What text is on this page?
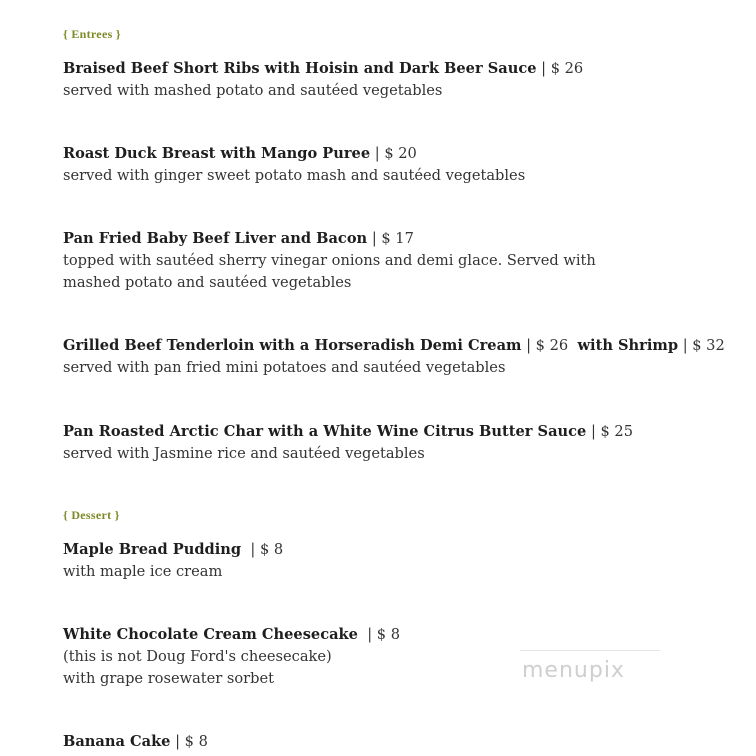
{ Entrees }
Braised Beef Short Ribs with Hoisin and Dark Beer Sauce | $ 26
served with mashed potato and sautéed vegetables
Roast Duck Breast with Mango Puree | $ 20
served with ginger sweet potato mash and sautéed vegetables
Pan Fried Baby Beef Liver and Bacon | $ 17
topped with sautéed sherry vinegar onions and demi glace. Served with
mashed potato and sautéed vegetables
Grilled Beef Tenderloin with a Horseradish Demi Cream | $ 26 with Shrimp | $ 32
served with pan fried mini potatoes and sautéed vegetables
Pan Roasted Arctic Char with a White Wine Citrus Butter Sauce | $ 25
served with Jasmine rice and sautéed vegetables
{ Dessert }
Maple Bread Pudding | $ 8
with maple ice cream
White Chocolate Cream Cheesecake | $ 8
(this is not Doug Ford's cheesecake)
with grape rosewater sorbet
Banana Cake | $ 8
menupix
